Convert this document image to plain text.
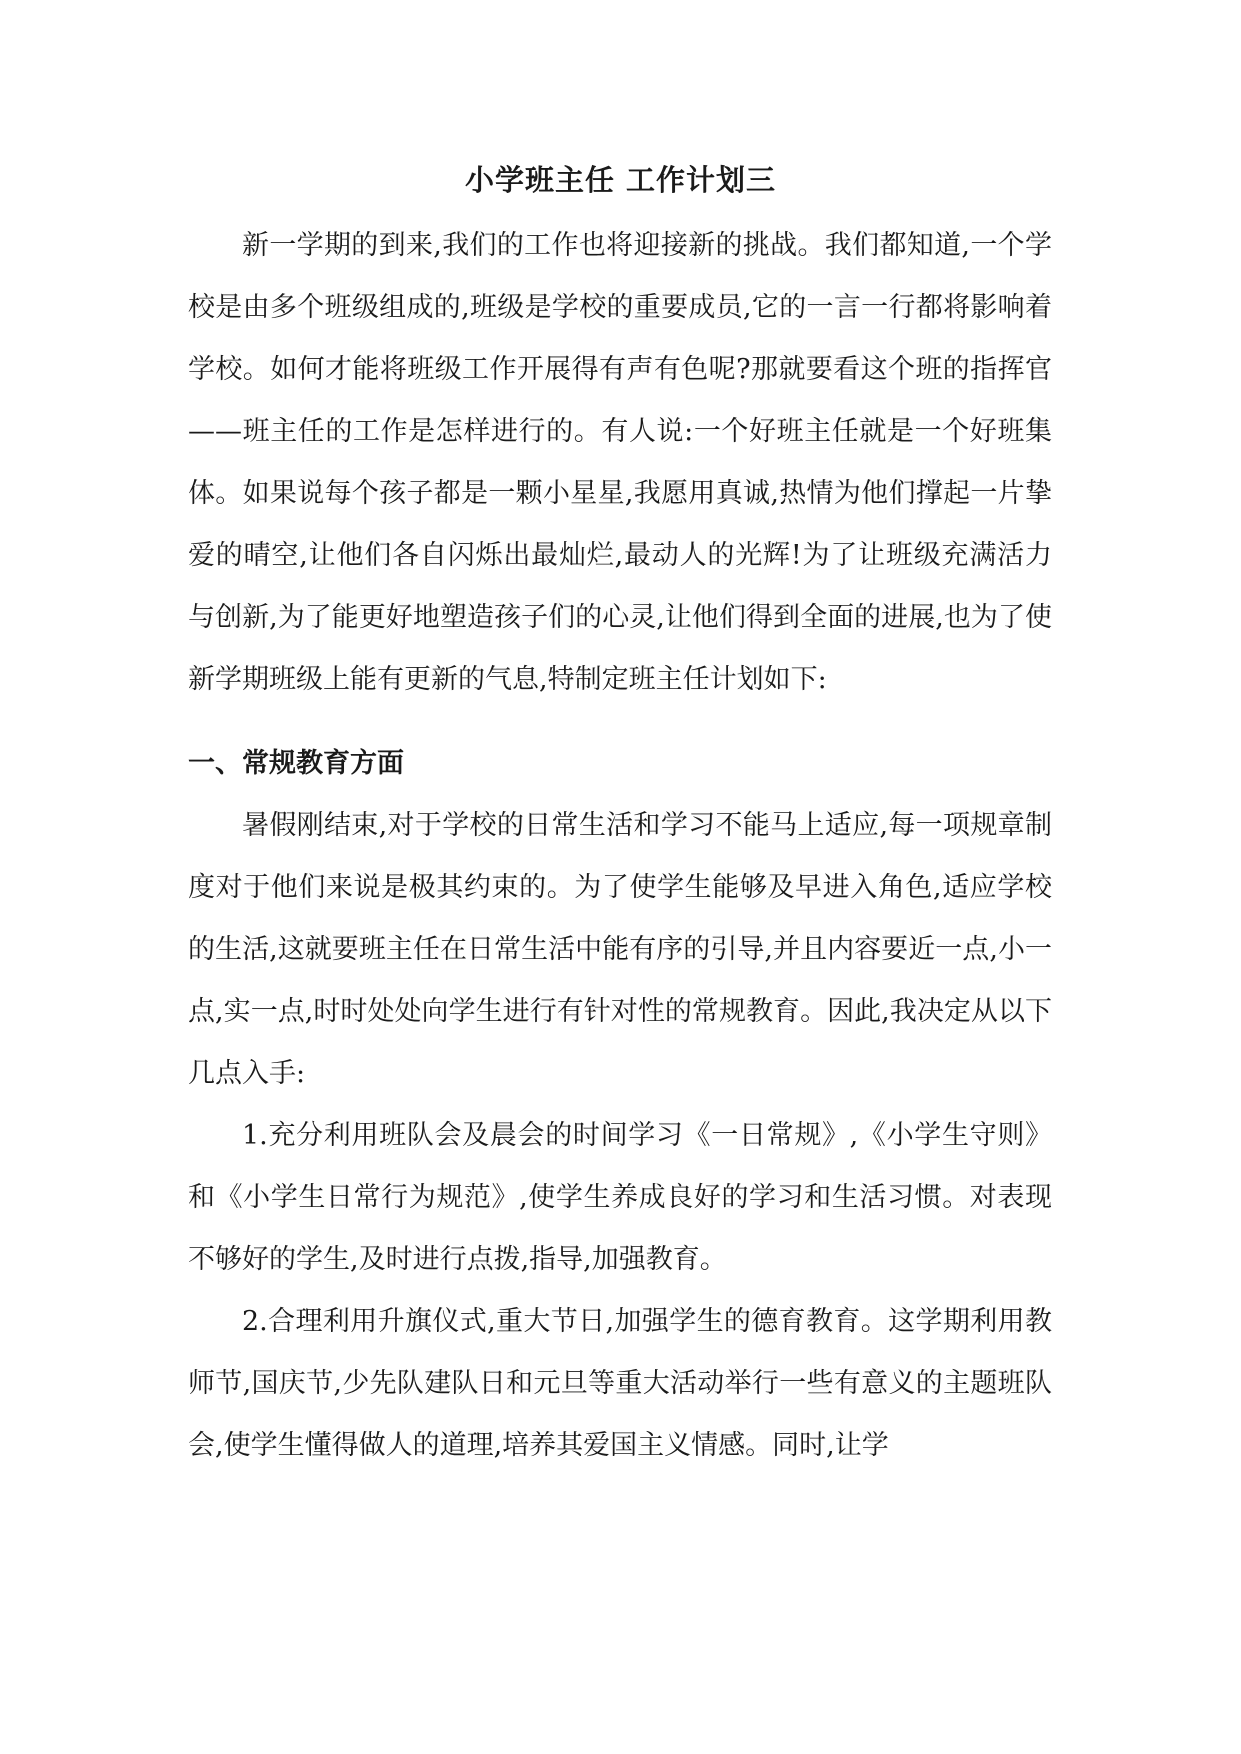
小学班主任 工作计划三

新一学期的到来,我们的工作也将迎接新的挑战。我们都知道,一个学校是由多个班级组成的,班级是学校的重要成员,它的一言一行都将影响着学校。如何才能将班级工作开展得有声有色呢?那就要看这个班的指挥官——班主任的工作是怎样进行的。有人说:一个好班主任就是一个好班集体。如果说每个孩子都是一颗小星星,我愿用真诚,热情为他们撑起一片挚爱的晴空,让他们各自闪烁出最灿烂,最动人的光辉!为了让班级充满活力与创新,为了能更好地塑造孩子们的心灵,让他们得到全面的进展,也为了使新学期班级上能有更新的气息,特制定班主任计划如下:

一、常规教育方面

暑假刚结束,对于学校的日常生活和学习不能马上适应,每一项规章制度对于他们来说是极其约束的。为了使学生能够及早进入角色,适应学校的生活,这就要班主任在日常生活中能有序的引导,并且内容要近一点,小一点,实一点,时时处处向学生进行有针对性的常规教育。因此,我决定从以下几点入手:

1.充分利用班队会及晨会的时间学习《一日常规》,《小学生守则》和《小学生日常行为规范》,使学生养成良好的学习和生活习惯。对表现不够好的学生,及时进行点拨,指导,加强教育。

2.合理利用升旗仪式,重大节日,加强学生的德育教育。这学期利用教师节,国庆节,少先队建队日和元旦等重大活动举行一些有意义的主题班队会,使学生懂得做人的道理,培养其爱国主义情感。同时,让学
